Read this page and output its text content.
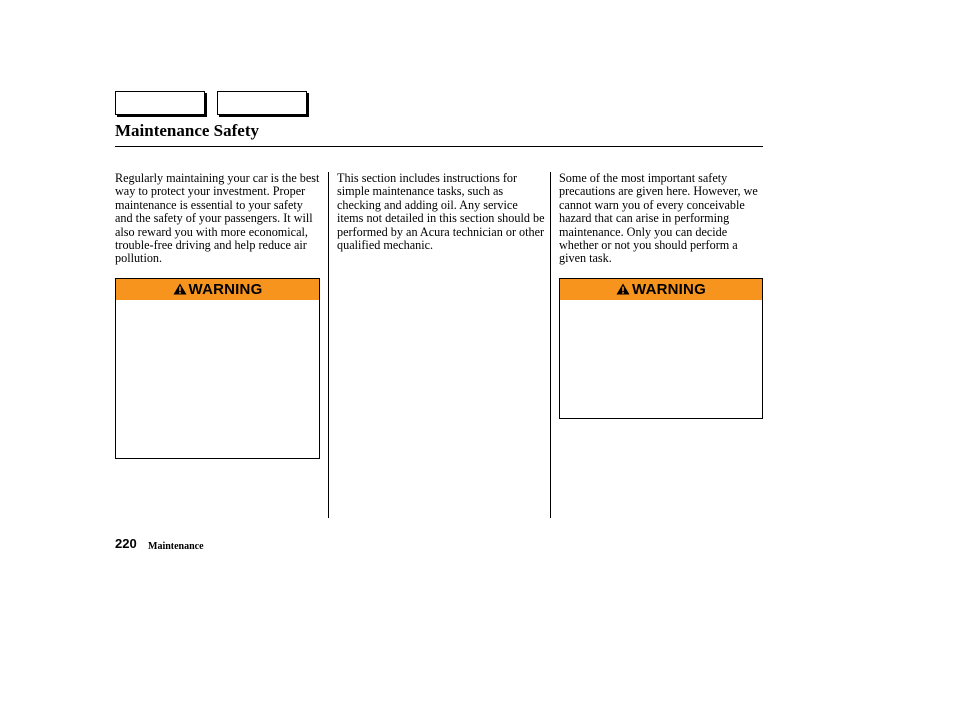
Maintenance Safety
Regularly maintaining your car is the best way to protect your investment. Proper maintenance is essential to your safety and the safety of your passengers. It will also reward you with more economical, trouble-free driving and help reduce air pollution.
This section includes instructions for simple maintenance tasks, such as checking and adding oil. Any service items not detailed in this section should be performed by an Acura technician or other qualified mechanic.
Some of the most important safety precautions are given here. However, we cannot warn you of every conceivable hazard that can arise in performing maintenance. Only you can decide whether or not you should perform a given task.
WARNING	WARNING
220 Maintenance
